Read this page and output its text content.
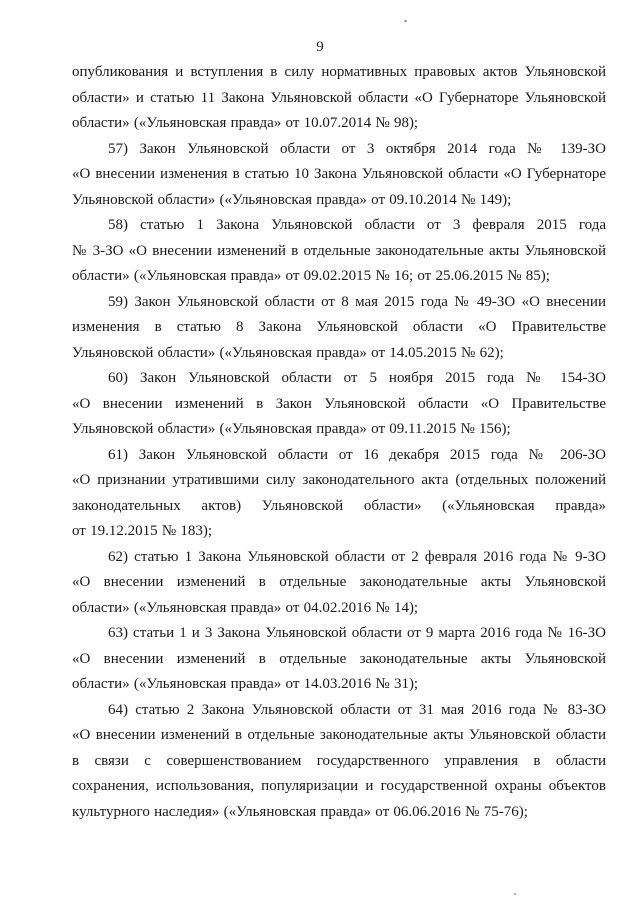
9

опубликования и вступления в силу нормативных правовых актов Ульяновской
области» и статью 11 Закона Ульяновской области «О Губернаторе Ульяновской
области» («Ульяновская правда» от 10.07.2014 № 98);

57) Закон Ульяновской области от 3 октября 2014 года № 139-ЗО
«О внесении изменения в статью 10 Закона Ульяновской области «О Губернаторе
Ульяновской области» («Ульяновская правда» от 09.10.2014 № 149);

58) статью 1 Закона Ульяновской области от 3 февраля 2015 года
№ 3-ЗО «О внесении изменений в отдельные законодательные акты Ульяновской
области» («Ульяновская правда» от 09.02.2015 № 16; от 25.06.2015 № 85);

59) Закон Ульяновской области от 8 мая 2015 года № 49-ЗО «О внесении
изменения в статью 8 Закона Ульяновской области «О Правительстве
Ульяновской области» («Ульяновская правда» от 14.05.2015 № 62);

60) Закон Ульяновской области от 5 ноября 2015 года № 154-ЗО
«О внесении изменений в Закон Ульяновской области «О Правительстве
Ульяновской области» («Ульяновская правда» от 09.11.2015 № 156);

61) Закон Ульяновской области от 16 декабря 2015 года № 206-ЗО
«О признании утратившими силу законодательного акта (отдельных положений
законодательных актов) Ульяновской области» («Ульяновская правда»
от 19.12.2015 № 183);

62) статью 1 Закона Ульяновской области от 2 февраля 2016 года № 9-ЗО
«О внесении изменений в отдельные законодательные акты Ульяновской
области» («Ульяновская правда» от 04.02.2016 № 14);

63) статьи 1 и 3 Закона Ульяновской области от 9 марта 2016 года № 16-ЗО
«О внесении изменений в отдельные законодательные акты Ульяновской
области» («Ульяновская правда» от 14.03.2016 № 31);

64) статью 2 Закона Ульяновской области от 31 мая 2016 года № 83-ЗО
«О внесении изменений в отдельные законодательные акты Ульяновской области
в связи с совершенствованием государственного управления в области
сохранения, использования, популяризации и государственной охраны объектов
культурного наследия» («Ульяновская правда» от 06.06.2016 № 75-76);
